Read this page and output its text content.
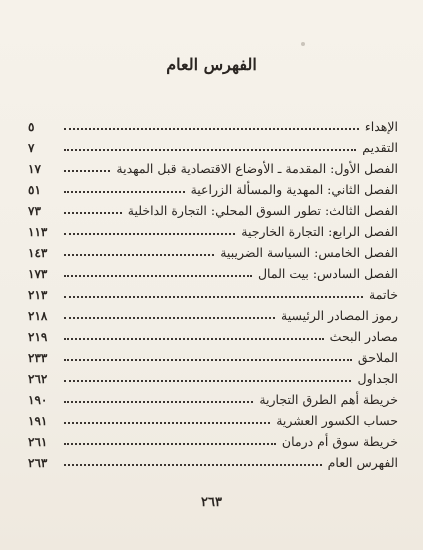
الفهرس العام
الإهداء
٥
التقديم
٧
الفصل الأول: المقدمة ـ الأوضاع الاقتصادية قبل المهدية
١٧
الفصل الثاني: المهدية والمسألة الزراعية
٥١
الفصل الثالث: تطور السوق المحلي: التجارة الداخلية
٧٣
الفصل الرابع: التجارة الخارجية
١١٣
الفصل الخامس: السياسة الضريبية
١٤٣
الفصل السادس: بيت المال
١٧٣
خاتمة
٢١٣
رموز المصادر الرئيسية
٢١٨
مصادر البحث
٢١٩
الملاحق
٢٣٣
الجداول
٢٦٢
خريطة أهم الطرق التجارية
١٩٠
حساب الكسور العشرية
١٩١
خريطة سوق أم درمان
٢٦١
الفهرس العام
٢٦٣
٢٦٣
